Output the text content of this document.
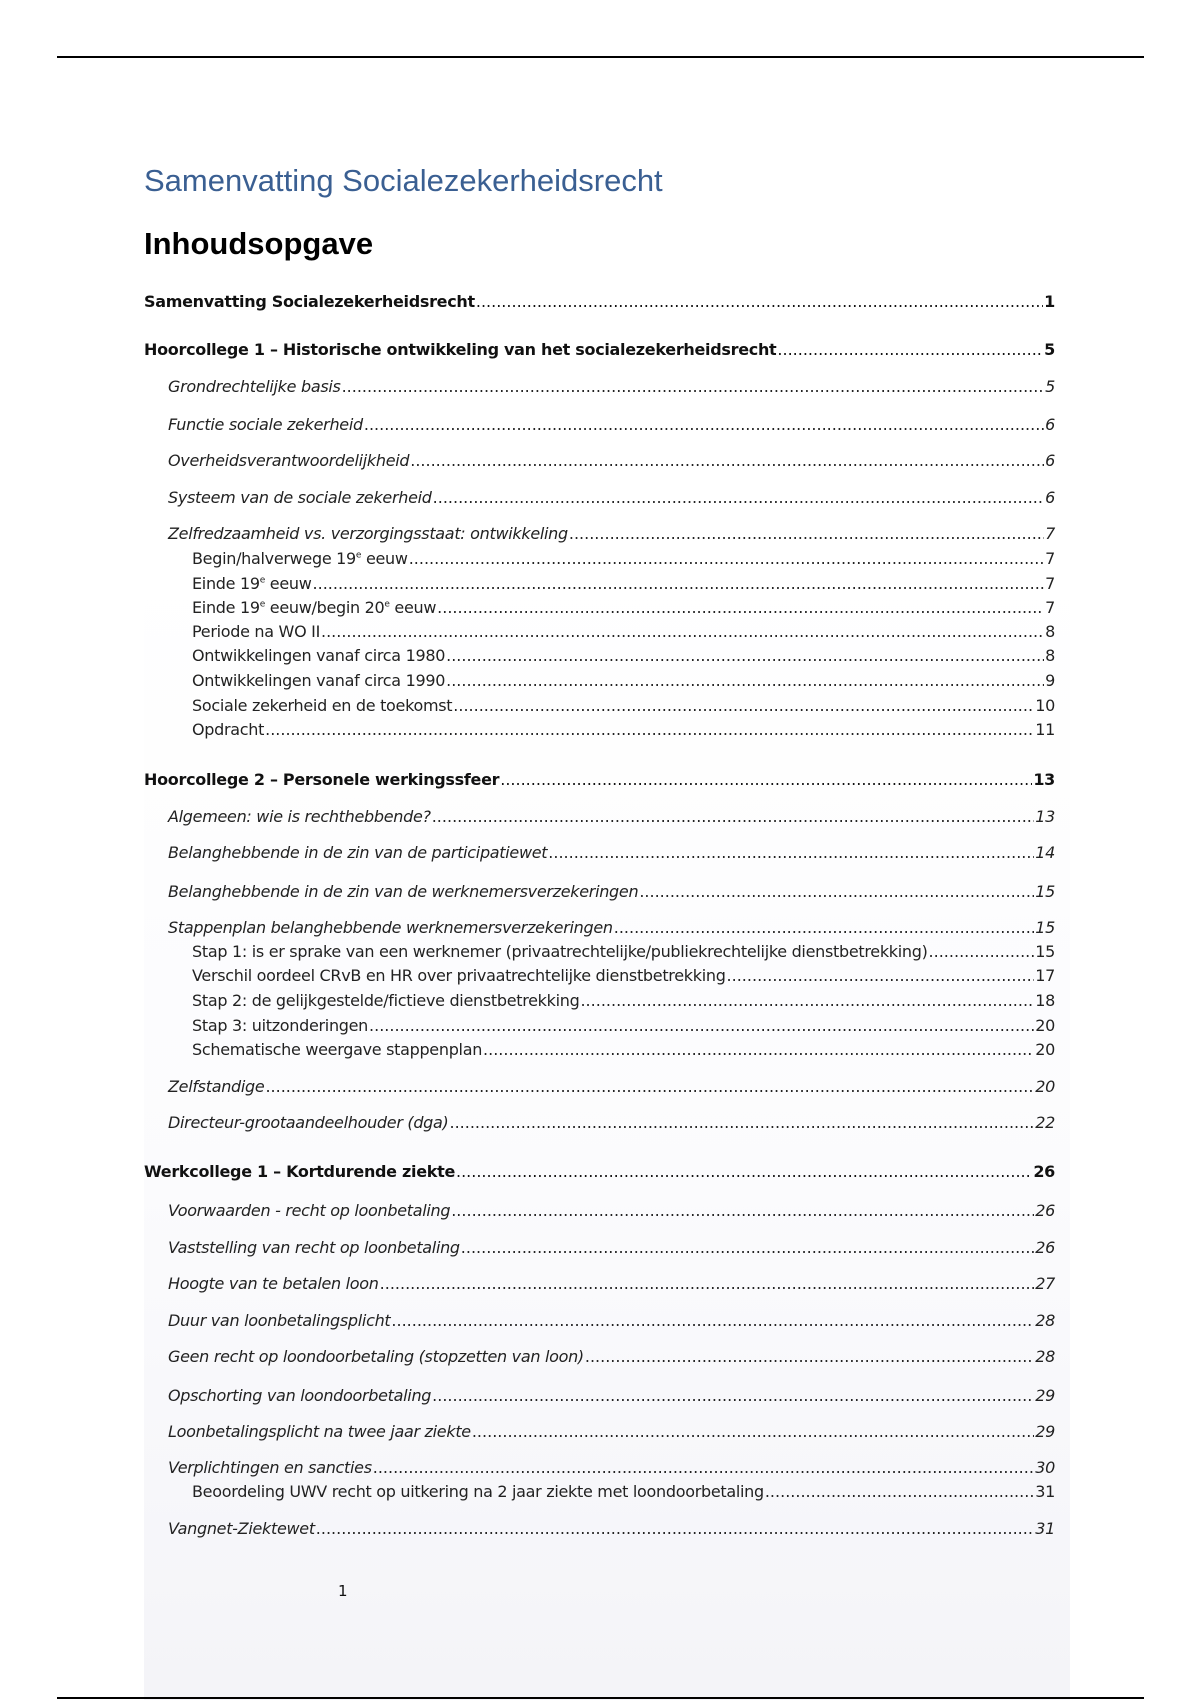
Samenvatting Socialezekerheidsrecht
Inhoudsopgave
Samenvatting Socialezekerheidsrecht .....	1
Hoorcollege 1 – Historische ontwikkeling van het socialezekerheidsrecht .....	5
Grondrechtelijke basis .....	5
Functie sociale zekerheid .....	6
Overheidsverantwoordelijkheid .....	6
Systeem van de sociale zekerheid .....	6
Zelfredzaamheid vs. verzorgingsstaat: ontwikkeling .....	7
Begin/halverwege 19e eeuw .....	7
Einde 19e eeuw .....	7
Einde 19e eeuw/begin 20e eeuw .....	7
Periode na WO II .....	8
Ontwikkelingen vanaf circa 1980 .....	8
Ontwikkelingen vanaf circa 1990 .....	9
Sociale zekerheid en de toekomst .....	10
Opdracht .....	11
Hoorcollege 2 – Personele werkingssfeer .....	13
Algemeen: wie is rechthebbende? .....	13
Belanghebbende in de zin van de participatiewet .....	14
Belanghebbende in de zin van de werknemersverzekeringen .....	15
Stappenplan belanghebbende werknemersverzekeringen .....	15
Stap 1: is er sprake van een werknemer (privaatrechtelijke/publiekrechtelijke dienstbetrekking) .....	15
Verschil oordeel CRvB en HR over privaatrechtelijke dienstbetrekking .....	17
Stap 2: de gelijkgestelde/fictieve dienstbetrekking .....	18
Stap 3: uitzonderingen .....	20
Schematische weergave stappenplan .....	20
Zelfstandige .....	20
Directeur-grootaandeelhouder (dga) .....	22
Werkcollege 1 – Kortdurende ziekte .....	26
Voorwaarden - recht op loonbetaling .....	26
Vaststelling van recht op loonbetaling .....	26
Hoogte van te betalen loon .....	27
Duur van loonbetalingsplicht .....	28
Geen recht op loondoorbetaling (stopzetten van loon) .....	28
Opschorting van loondoorbetaling .....	29
Loonbetalingsplicht na twee jaar ziekte .....	29
Verplichtingen en sancties .....	30
Beoordeling UWV recht op uitkering na 2 jaar ziekte met loondoorbetaling .....	31
Vangnet-Ziektewet .....	31
1
